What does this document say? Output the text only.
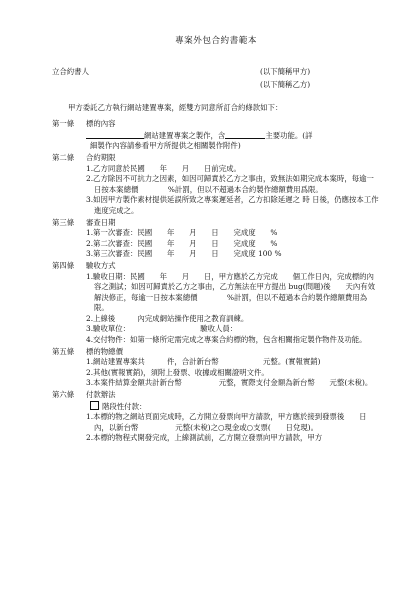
專案外包合約書範本
立合約書人	(以下簡稱甲方)
(以下簡稱乙方)

甲方委託乙方執行網站建置專案，經雙方同意所訂合約條款如下：

第一條	標的內容

網站建置專案之製作，含	主要功能。(詳

細製作內容請參看甲方所提供之相關製作附件)

第二條	合約期限

1.乙方同意於民國　　年　　月　　日前完成。

2.乙方除因不可抗力之因素，如因可歸責於乙方之事由，致無法如期完成本案時，每逾一日按本案總價　　　　%計罰，但以不超過本合約製作總額費用爲限。

3.如因甲方製作素材提供延誤所致之專案遲延者，乙方扣除延遲之 時 日後，仍應按本工作進度完成之。

第三條	審查日期

1.第一次審查：民國　　年　　月　　日　　完成度　　%

2.第二次審查：民國　　年　　月　　日　　完成度　　%

3.第三次審查：民國　　年　　月　　日　　完成度 100 %

第四條	驗收方式

1.驗收日期：民國　　年　　月　　日，甲方應於乙方完成　　個工作日內，完成標的內容之測試；如因可歸責於乙方之事由，乙方無法在甲方提出 bug(問題)後　　天內有效解決修正，每逾一日按本案總價　　　　%計罰，但以不超過本合約製作總額費用為限。

2.上線後　　　內完成網站操作使用之教育訓練。

3.驗收單位：　　　　　　　　　　驗收人員：

4.交付物件：如第一條所定需完成之專案合約標的物，包含相關指定製作物件及功能。

第五條	標的物總價

1.網站建置專案共　　　件，合計新台幣　　　　　　元整。(實報實銷)

2.其他(實報實銷)，須附上發票、收據或相關證明文件。

3.本案件結算金額共計新台幣　　　　　元整，實際支付金額為新台幣　　元整(未稅)。

第六條	付款辦法

階段性付款：

1.本標的物之網站頁面完成時，乙方開立發票向甲方請款，甲方應於接到發票後　　日內，以新台幣　　　　　元整(未稅)之○現金或○支票(　　日兌現)。

2.本標的物程式開發完成，上線測試前，乙方開立發票向甲方請款，甲方
